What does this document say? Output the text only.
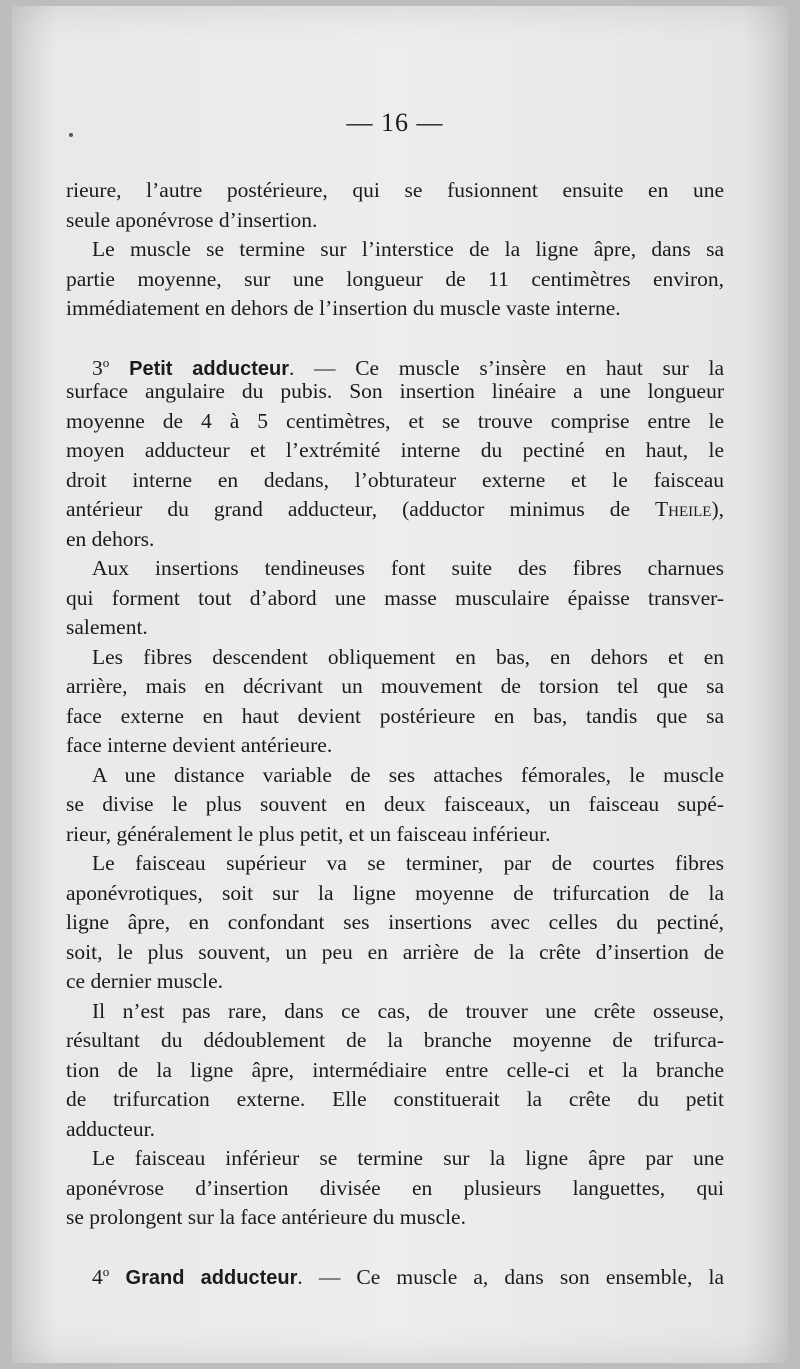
— 16 —
rieure, l’autre postérieure, qui se fusionnent ensuite en une
seule aponévrose d’insertion.
Le muscle se termine sur l’interstice de la ligne âpre, dans sa
partie moyenne, sur une longueur de 11 centimètres environ,
immédiatement en dehors de l’insertion du muscle vaste interne.
3$^o$ Petit adducteur. — Ce muscle s’insère en haut sur la
surface angulaire du pubis. Son insertion linéaire a une longueur
moyenne de 4 à 5 centimètres, et se trouve comprise entre le
moyen adducteur et l’extrémité interne du pectiné en haut, le
droit interne en dedans, l’obturateur externe et le faisceau
antérieur du grand adducteur, (adductor minimus de Theile),
en dehors.
Aux insertions tendineuses font suite des fibres charnues
qui forment tout d’abord une masse musculaire épaisse transver-
salement.
Les fibres descendent obliquement en bas, en dehors et en
arrière, mais en décrivant un mouvement de torsion tel que sa
face externe en haut devient postérieure en bas, tandis que sa
face interne devient antérieure.
A une distance variable de ses attaches fémorales, le muscle
se divise le plus souvent en deux faisceaux, un faisceau supé-
rieur, généralement le plus petit, et un faisceau inférieur.
Le faisceau supérieur va se terminer, par de courtes fibres
aponévrotiques, soit sur la ligne moyenne de trifurcation de la
ligne âpre, en confondant ses insertions avec celles du pectiné,
soit, le plus souvent, un peu en arrière de la crête d’insertion de
ce dernier muscle.
Il n’est pas rare, dans ce cas, de trouver une crête osseuse,
résultant du dédoublement de la branche moyenne de trifurca-
tion de la ligne âpre, intermédiaire entre celle-ci et la branche
de trifurcation externe. Elle constituerait la crête du petit
adducteur.
Le faisceau inférieur se termine sur la ligne âpre par une
aponévrose d’insertion divisée en plusieurs languettes, qui
se prolongent sur la face antérieure du muscle.
4$^o$ Grand adducteur. — Ce muscle a, dans son ensemble, la
